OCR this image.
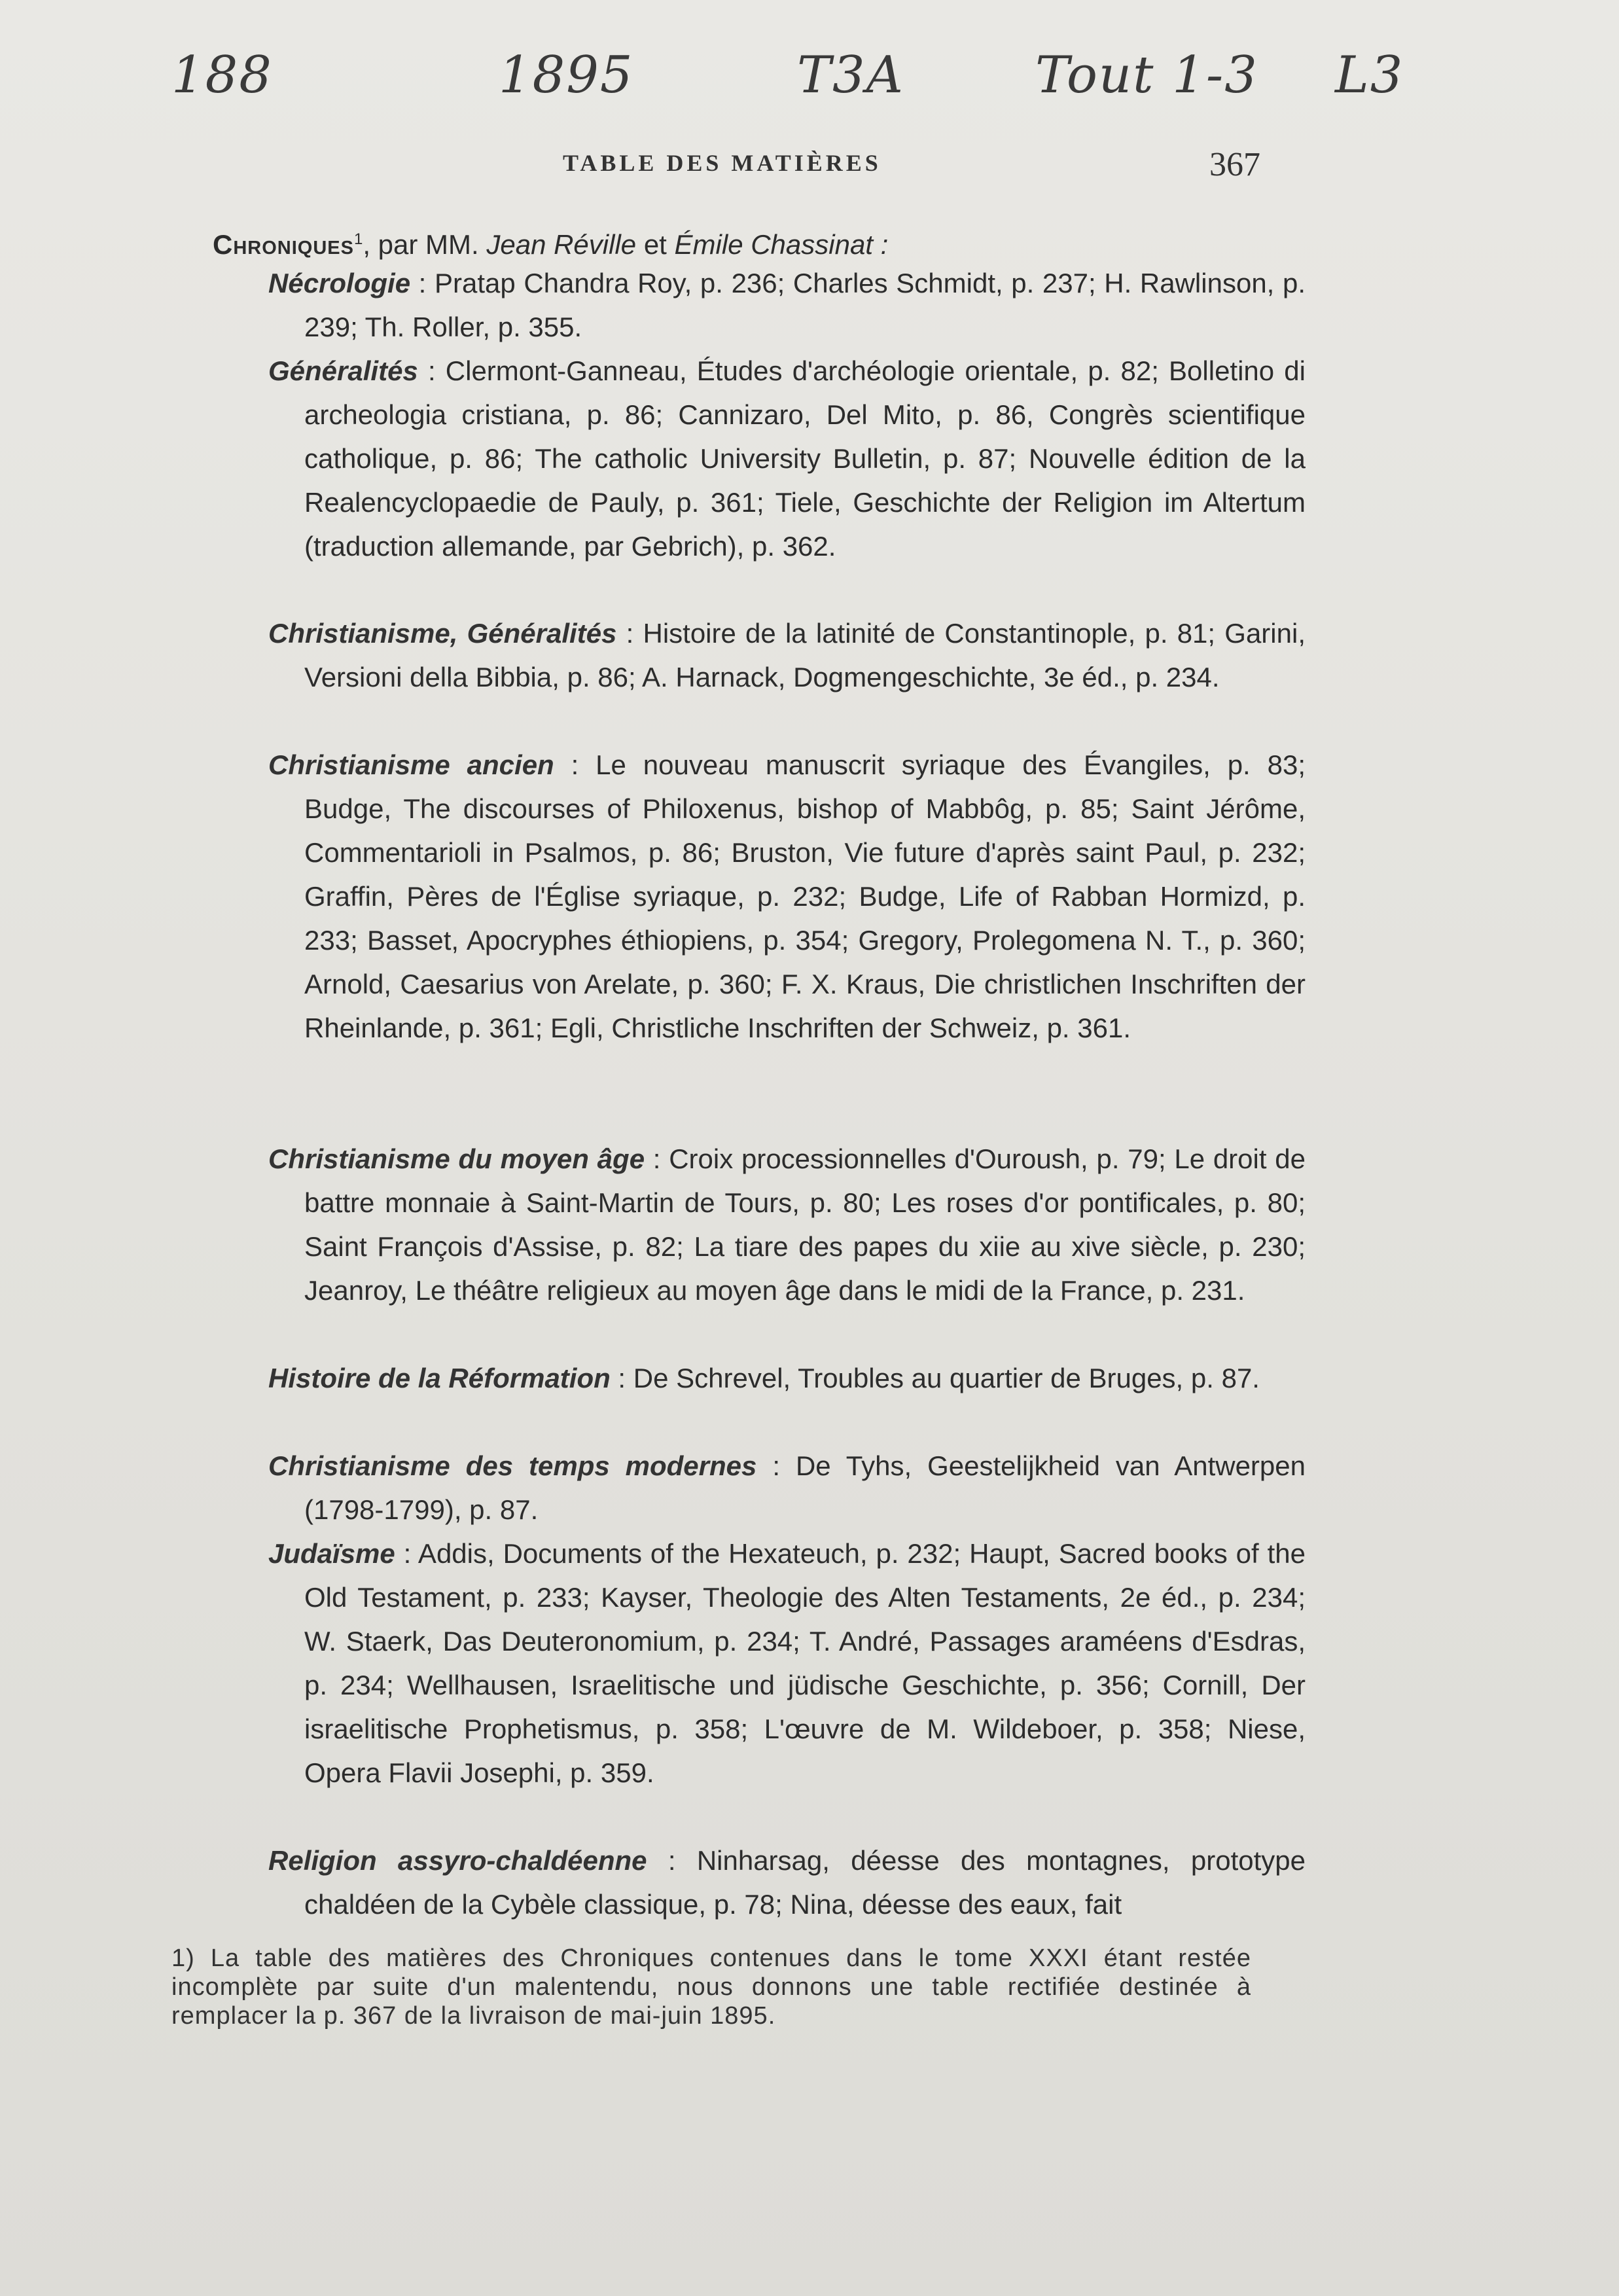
188	1895	T3A	Tout 1-3 L3
TABLE DES MATIÈRES	367
Chroniques$^1$, par MM. Jean Réville et Émile Chassinat :
Nécrologie : Pratap Chandra Roy, p. 236; Charles Schmidt, p. 237; H. Rawlinson, p. 239; Th. Roller, p. 355.
Généralités : Clermont-Ganneau, Études d'archéologie orientale, p. 82; Bolletino di archeologia cristiana, p. 86; Cannizaro, Del Mito, p. 86, Congrès scientifique catholique, p. 86; The catholic University Bulletin, p. 87; Nouvelle édition de la Realencyclopaedie de Pauly, p. 361; Tiele, Geschichte der Religion im Altertum (traduction allemande, par Gebrich), p. 362.
Christianisme, Généralités : Histoire de la latinité de Constantinople, p. 81; Garini, Versioni della Bibbia, p. 86; A. Harnack, Dogmengeschichte, 3e éd., p. 234.
Christianisme ancien : Le nouveau manuscrit syriaque des Évangiles, p. 83; Budge, The discourses of Philoxenus, bishop of Mabbôg, p. 85; Saint Jérôme, Commentarioli in Psalmos, p. 86; Bruston, Vie future d'après saint Paul, p. 232; Graffin, Pères de l'Église syriaque, p. 232; Budge, Life of Rabban Hormizd, p. 233; Basset, Apocryphes éthiopiens, p. 354; Gregory, Prolegomena N. T., p. 360; Arnold, Caesarius von Arelate, p. 360; F. X. Kraus, Die christlichen Inschriften der Rheinlande, p. 361; Egli, Christliche Inschriften der Schweiz, p. 361.
Christianisme du moyen âge : Croix processionnelles d'Ouroush, p. 79; Le droit de battre monnaie à Saint-Martin de Tours, p. 80; Les roses d'or pontificales, p. 80; Saint François d'Assise, p. 82; La tiare des papes du xiie au xive siècle, p. 230; Jeanroy, Le théâtre religieux au moyen âge dans le midi de la France, p. 231.
Histoire de la Réformation : De Schrevel, Troubles au quartier de Bruges, p. 87.
Christianisme des temps modernes : De Tyhs, Geestelijkheid van Antwerpen (1798-1799), p. 87.
Judaïsme : Addis, Documents of the Hexateuch, p. 232; Haupt, Sacred books of the Old Testament, p. 233; Kayser, Theologie des Alten Testaments, 2e éd., p. 234; W. Staerk, Das Deuteronomium, p. 234; T. André, Passages araméens d'Esdras, p. 234; Wellhausen, Israelitische und jüdische Geschichte, p. 356; Cornill, Der israelitische Prophetismus, p. 358; L'œuvre de M. Wildeboer, p. 358; Niese, Opera Flavii Josephi, p. 359.
Religion assyro-chaldéenne : Ninharsag, déesse des montagnes, prototype chaldéen de la Cybèle classique, p. 78; Nina, déesse des eaux, fait
1) La table des matières des Chroniques contenues dans le tome XXXI étant restée incomplète par suite d'un malentendu, nous donnons une table rectifiée destinée à remplacer la p. 367 de la livraison de mai-juin 1895.
